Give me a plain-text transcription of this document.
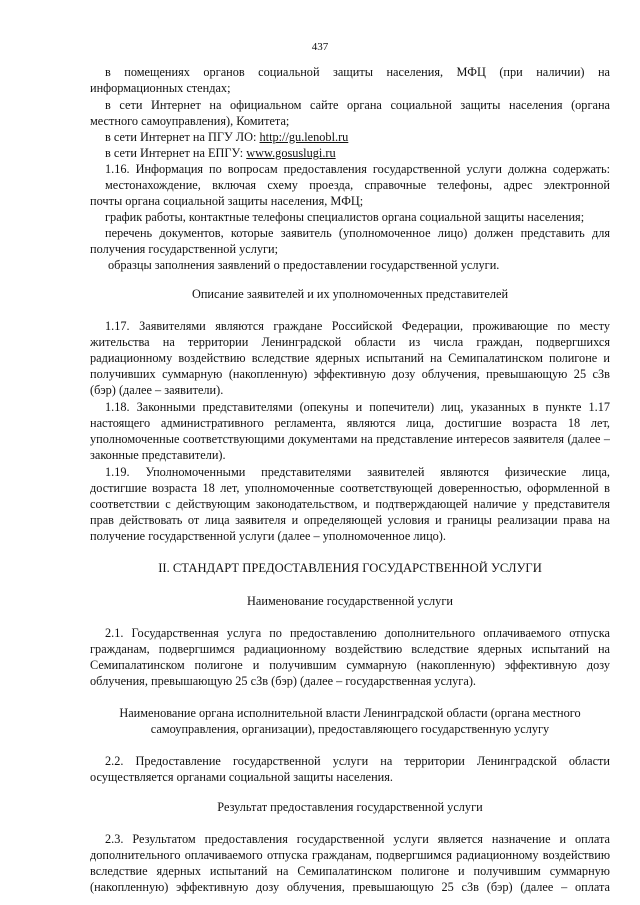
437
в помещениях органов социальной защиты населения, МФЦ (при наличии) на
информационных стендах;
в сети Интернет на официальном сайте органа социальной защиты населения (органа
местного самоуправления), Комитета;
в сети Интернет на ПГУ ЛО: http://gu.lenobl.ru
в сети Интернет на ЕПГУ: www.gosuslugi.ru
1.16. Информация по вопросам предоставления государственной услуги должна содержать:
местонахождение, включая схему проезда, справочные телефоны, адрес электронной
почты органа социальной защиты населения, МФЦ;
график работы, контактные телефоны специалистов органа социальной защиты населения;
перечень документов, которые заявитель (уполномоченное лицо) должен представить для
получения государственной услуги;
образцы заполнения заявлений о предоставлении государственной услуги.
Описание заявителей и их уполномоченных представителей
1.17. Заявителями являются граждане Российской Федерации, проживающие по месту
жительства на территории Ленинградской области из числа граждан, подвергшихся
радиационному воздействию вследствие ядерных испытаний на Семипалатинском полигоне и
получивших суммарную (накопленную) эффективную дозу облучения, превышающую 25 сЗв
(бэр) (далее – заявители).
1.18. Законными представителями (опекуны и попечители) лиц, указанных в пункте 1.17
настоящего административного регламента, являются лица, достигшие возраста 18 лет,
уполномоченные соответствующими документами на представление интересов заявителя (далее –
законные представители).
1.19. Уполномоченными представителями заявителей являются физические лица,
достигшие возраста 18 лет, уполномоченные соответствующей доверенностью, оформленной в
соответствии с действующим законодательством, и подтверждающей наличие у представителя
прав действовать от лица заявителя и определяющей условия и границы реализации права на
получение государственной услуги (далее – уполномоченное лицо).
II. СТАНДАРТ ПРЕДОСТАВЛЕНИЯ ГОСУДАРСТВЕННОЙ УСЛУГИ
Наименование государственной услуги
2.1. Государственная услуга по предоставлению дополнительного оплачиваемого отпуска
гражданам, подвергшимся радиационному воздействию вследствие ядерных испытаний на
Семипалатинском полигоне и получившим суммарную (накопленную) эффективную дозу
облучения, превышающую 25 сЗв (бэр) (далее – государственная услуга).
Наименование органа исполнительной власти Ленинградской области (органа местного
самоуправления, организации), предоставляющего государственную услугу
2.2. Предоставление государственной услуги на территории Ленинградской области
осуществляется органами социальной защиты населения.
Результат предоставления государственной услуги
2.3. Результатом предоставления государственной услуги является назначение и оплата
дополнительного оплачиваемого отпуска гражданам, подвергшимся радиационному воздействию
вследствие ядерных испытаний на Семипалатинском полигоне и получившим суммарную
(накопленную) эффективную дозу облучения, превышающую 25 сЗв (бэр) (далее – оплата
